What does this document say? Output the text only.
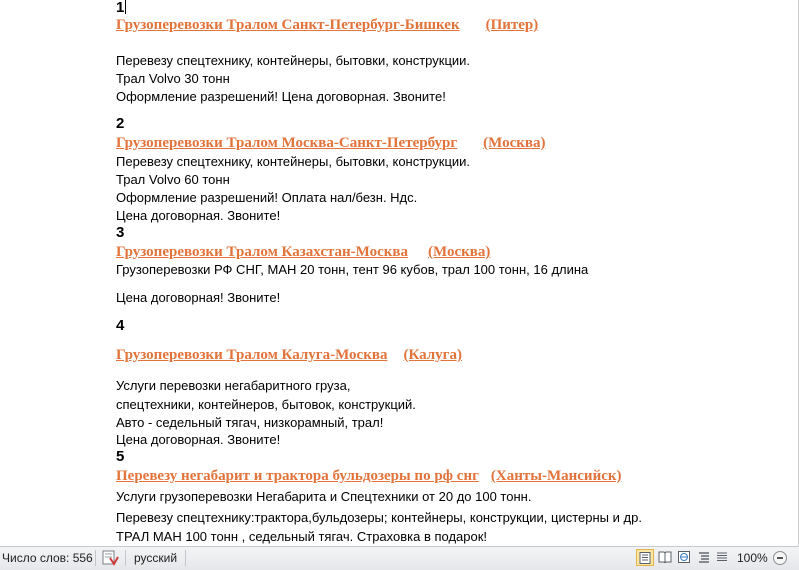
1
Грузоперевозки Тралом Санкт-Петербург-Бишкек (Питер)
Перевезу спецтехнику, контейнеры, бытовки, конструкции.
Трал Volvo 30 тонн
Оформление разрешений! Цена договорная. Звоните!
2
Грузоперевозки Тралом Москва-Санкт-Петербург (Москва)
Перевезу спецтехнику, контейнеры, бытовки, конструкции.
Трал Volvo 60 тонн
Оформление разрешений! Оплата нал/безн. Ндс.
Цена договорная. Звоните!
3
Грузоперевозки Тралом Казахстан-Москва (Москва)
Грузоперевозки РФ СНГ, МАН 20 тонн, тент 96 кубов, трал 100 тонн, 16 длина
Цена договорная! Звоните!
4
Грузоперевозки Тралом Калуга-Москва (Калуга)
Услуги перевозки негабаритного груза,
спецтехники, контейнеров, бытовок, конструкций.
Авто - седельный тягач, низкорамный, трал!
Цена договорная. Звоните!
5
Перевезу негабарит и трактора бульдозеры по рф снг (Ханты-Мансийск)
Услуги грузоперевозки Негабарита и Спецтехники от 20 до 100 тонн.
Перевезу спецтехнику:трактора,бульдозеры; контейнеры, конструкции, цистерны и др.
ТРАЛ МАН 100 тонн , седельный тягач. Страховка в подарок!
Число слов: 556	русский	100%
